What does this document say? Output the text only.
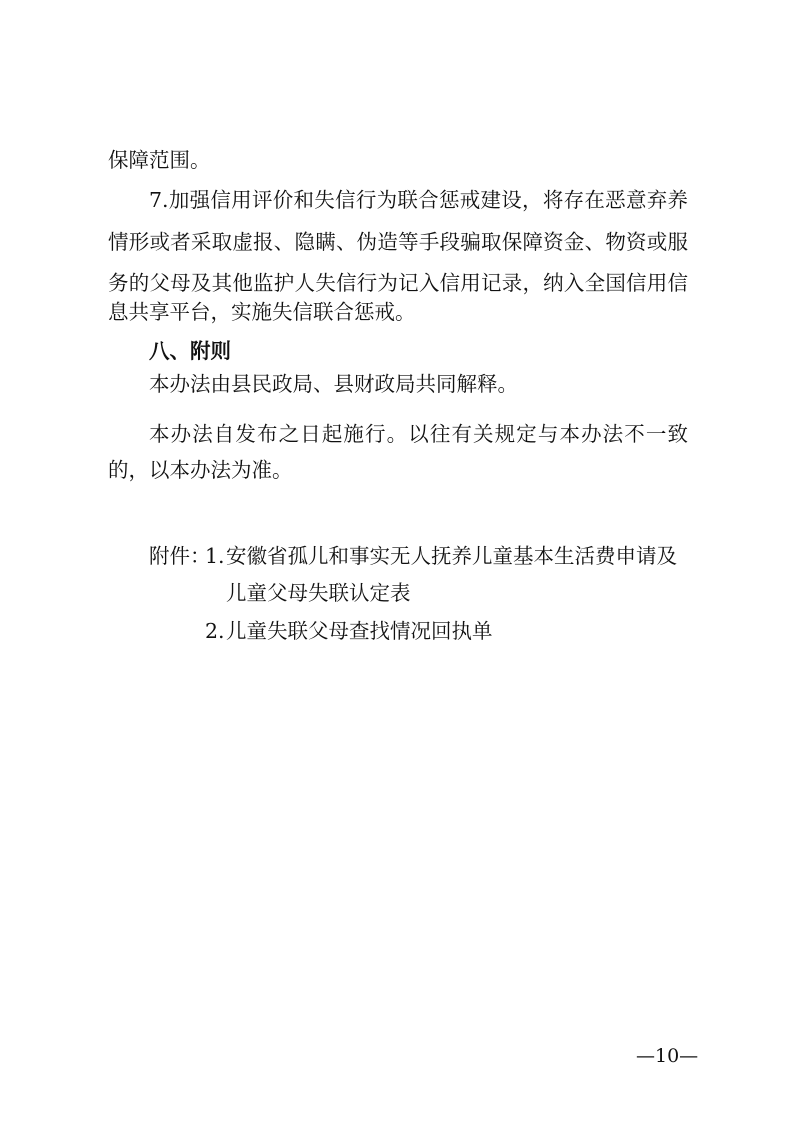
保障范围。
7.加强信用评价和失信行为联合惩戒建设，将存在恶意弃养
情形或者采取虚报、隐瞒、伪造等手段骗取保障资金、物资或服
务的父母及其他监护人失信行为记入信用记录，纳入全国信用信
息共享平台，实施失信联合惩戒。
八、附则
本办法由县民政局、县财政局共同解释。
本办法自发布之日起施行。以往有关规定与本办法不一致
的，以本办法为准。
附件：
1. 安徽省孤儿和事实无人抚养儿童基本生活费申请及
儿童父母失联认定表
2. 儿童失联父母查找情况回执单
—10—
